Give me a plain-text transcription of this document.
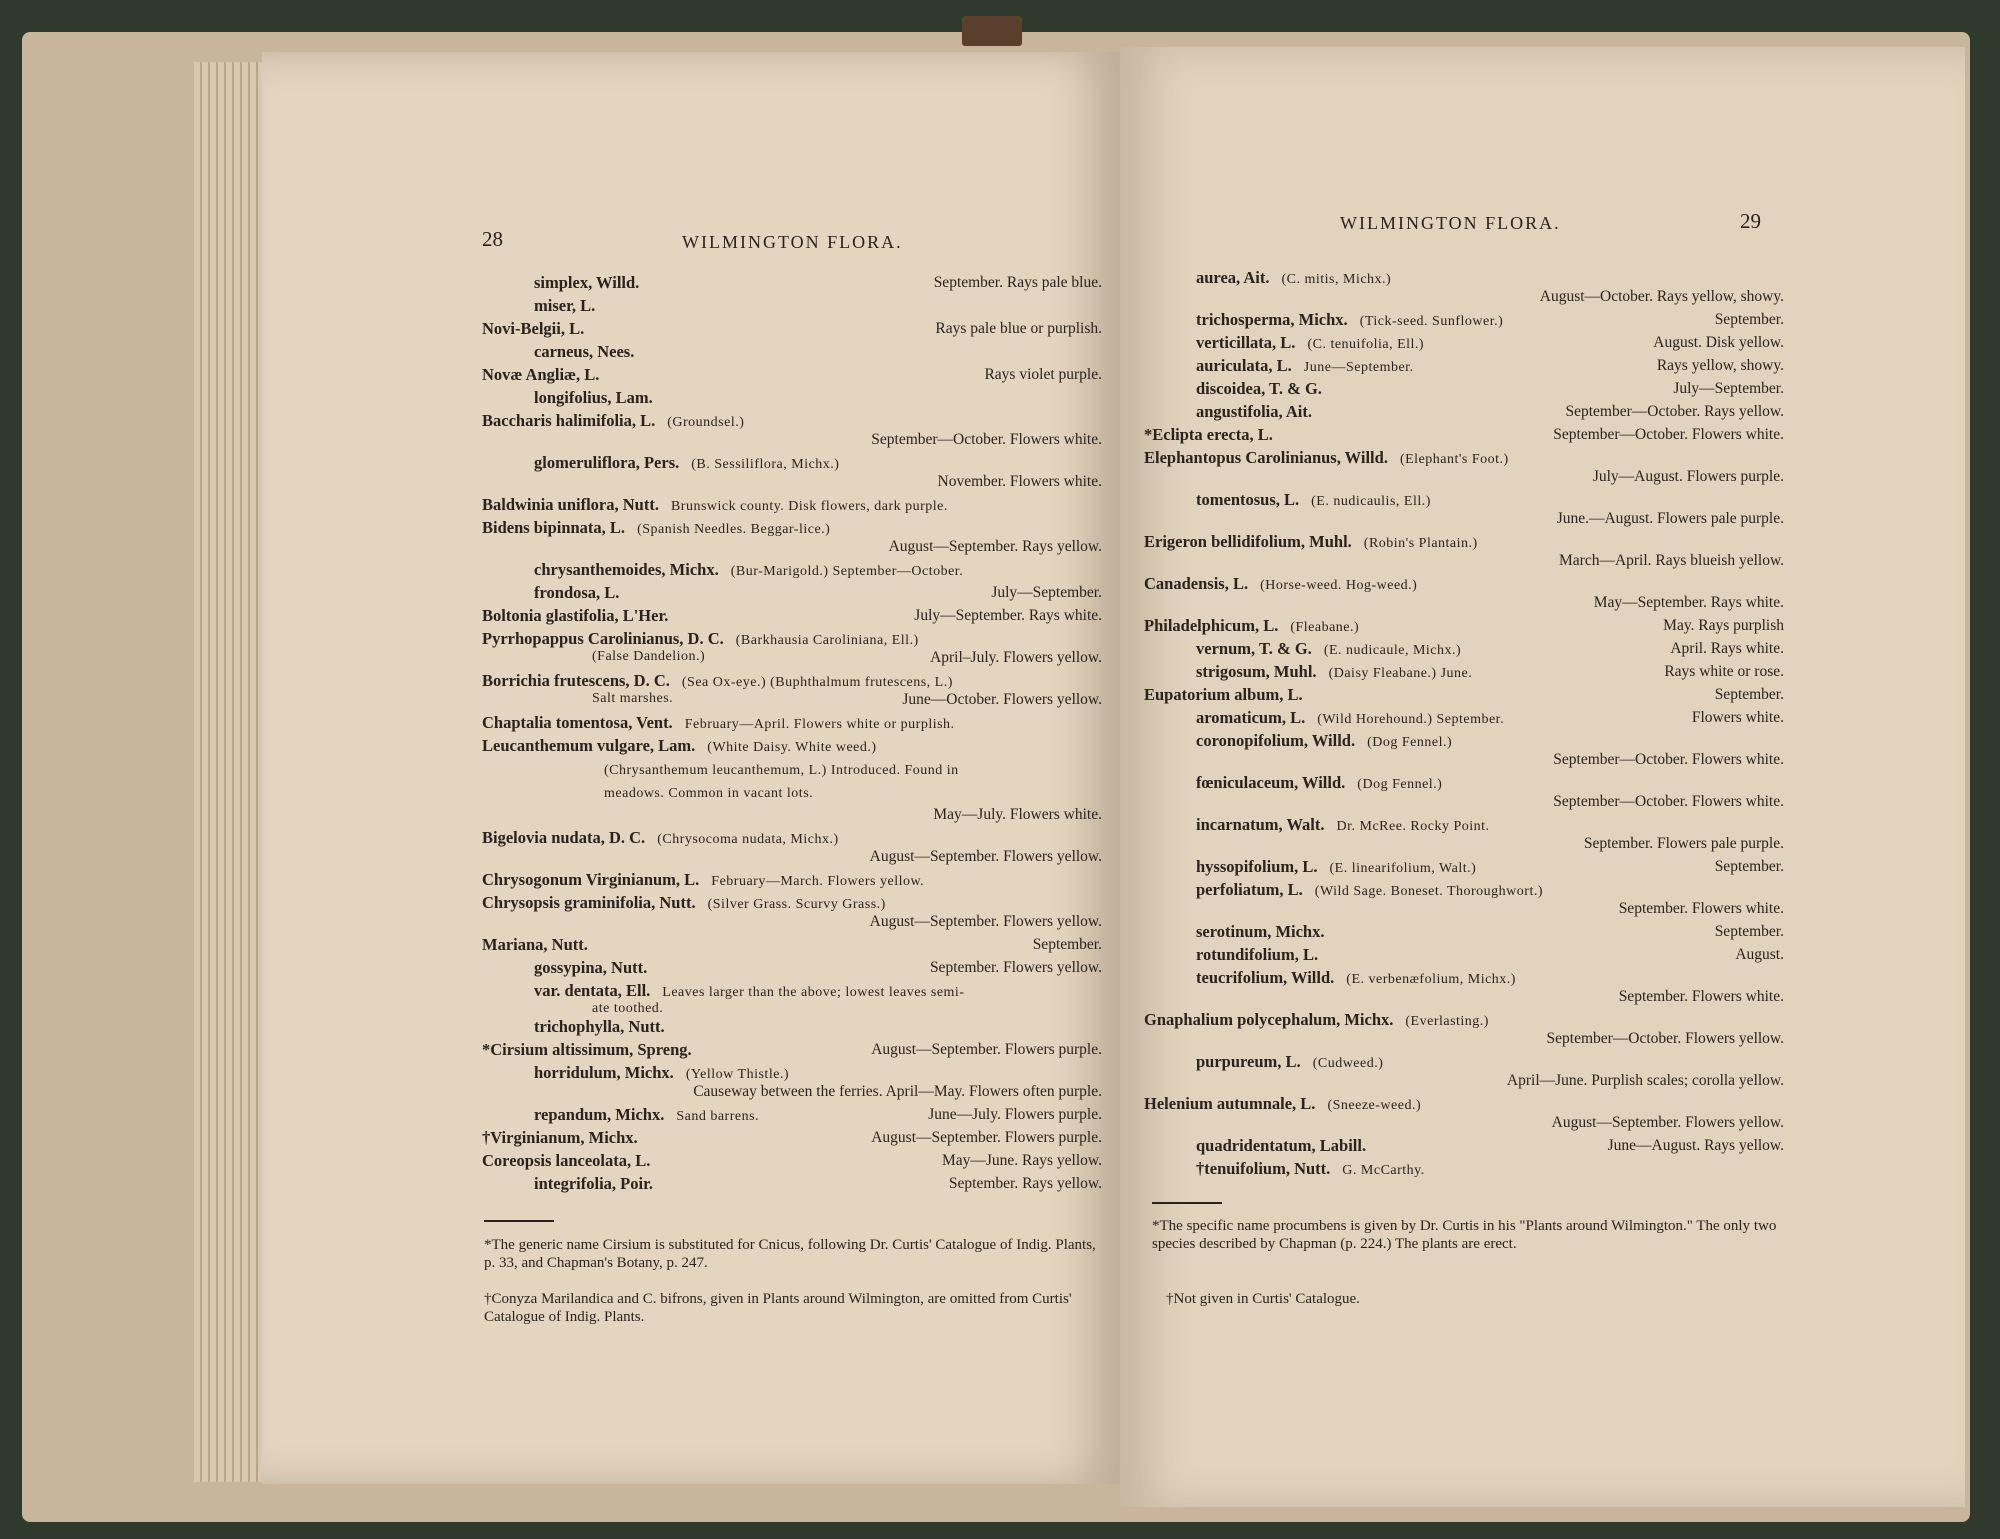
28	WILMINGTON FLORA.
simplex, Willd.	September. Rays pale blue.
miser, L.
Novi-Belgii, L.	Rays pale blue or purplish.
carneus, Nees.
Novæ Angliæ, L.	Rays violet purple.
longifolius, Lam.
Baccharis halimifolia, L. (Groundsel.)
September—October. Flowers white.
glomeruliflora, Pers. (B. Sessiliflora, Michx.)
November. Flowers white.
Baldwinia uniflora, Nutt. Brunswick county. Disk flowers, dark purple.
Bidens bipinnata, L. (Spanish Needles. Beggar-lice.)
August—September. Rays yellow.
chrysanthemoides, Michx. (Bur-Marigold.) September—October.
frondosa, L.	July—September.
Boltonia glastifolia, L'Her.	July—September. Rays white.
Pyrrhopappus Carolinianus, D. C. (Barkhausia Caroliniana, Ell.)
(False Dandelion.)	April–July. Flowers yellow.
Borrichia frutescens, D. C. (Sea Ox-eye.) (Buphthalmum frutescens, L.)
Salt marshes.	June—October. Flowers yellow.
Chaptalia tomentosa, Vent. February—April. Flowers white or purplish.
Leucanthemum vulgare, Lam. (White Daisy. White weed.)
(Chrysanthemum leucanthemum, L.) Introduced. Found in
meadows. Common in vacant lots.
May—July. Flowers white.
Bigelovia nudata, D. C. (Chrysocoma nudata, Michx.)
August—September. Flowers yellow.
Chrysogonum Virginianum, L. February—March. Flowers yellow.
Chrysopsis graminifolia, Nutt. (Silver Grass. Scurvy Grass.)
August—September. Flowers yellow.
Mariana, Nutt.	September.
gossypina, Nutt.	September. Flowers yellow.
var. dentata, Ell. Leaves larger than the above; lowest leaves semi-
ate toothed.
trichophylla, Nutt.
*Cirsium altissimum, Spreng.	August—September. Flowers purple.
horridulum, Michx. (Yellow Thistle.)
Causeway between the ferries. April—May. Flowers often purple.
repandum, Michx. Sand barrens.	June—July. Flowers purple.
†Virginianum, Michx.	August—September. Flowers purple.
Coreopsis lanceolata, L.	May—June. Rays yellow.
integrifolia, Poir.	September. Rays yellow.
*The generic name Cirsium is substituted for Cnicus, following Dr. Curtis' Catalogue of Indig. Plants, p. 33, and Chapman's Botany, p. 247.
†Conyza Marilandica and C. bifrons, given in Plants around Wilmington, are omitted from Curtis' Catalogue of Indig. Plants.
WILMINGTON FLORA.	29
aurea, Ait. (C. mitis, Michx.)
August—October. Rays yellow, showy.
trichosperma, Michx. (Tick-seed. Sunflower.)	September.
verticillata, L. (C. tenuifolia, Ell.)	August. Disk yellow.
auriculata, L. June—September.	Rays yellow, showy.
discoidea, T. & G.	July—September.
angustifolia, Ait.	September—October. Rays yellow.
*Eclipta erecta, L.	September—October. Flowers white.
Elephantopus Carolinianus, Willd. (Elephant's Foot.)
July—August. Flowers purple.
tomentosus, L. (E. nudicaulis, Ell.)
June.—August. Flowers pale purple.
Erigeron bellidifolium, Muhl. (Robin's Plantain.)
March—April. Rays blueish yellow.
Canadensis, L. (Horse-weed. Hog-weed.)
May—September. Rays white.
Philadelphicum, L. (Fleabane.)	May. Rays purplish
vernum, T. & G. (E. nudicaule, Michx.)	April. Rays white.
strigosum, Muhl. (Daisy Fleabane.) June.	Rays white or rose.
Eupatorium album, L.	September.
aromaticum, L. (Wild Horehound.) September.	Flowers white.
coronopifolium, Willd. (Dog Fennel.)
September—October. Flowers white.
fœniculaceum, Willd. (Dog Fennel.)
September—October. Flowers white.
incarnatum, Walt. Dr. McRee. Rocky Point.
September. Flowers pale purple.
hyssopifolium, L. (E. linearifolium, Walt.)	September.
perfoliatum, L. (Wild Sage. Boneset. Thoroughwort.)
September. Flowers white.
serotinum, Michx.	September.
rotundifolium, L.	August.
teucrifolium, Willd. (E. verbenæfolium, Michx.)
September. Flowers white.
Gnaphalium polycephalum, Michx. (Everlasting.)
September—October. Flowers yellow.
purpureum, L. (Cudweed.)
April—June. Purplish scales; corolla yellow.
Helenium autumnale, L. (Sneeze-weed.)
August—September. Flowers yellow.
quadridentatum, Labill.	June—August. Rays yellow.
†tenuifolium, Nutt. G. McCarthy.
*The specific name procumbens is given by Dr. Curtis in his "Plants around Wilmington." The only two species described by Chapman (p. 224.) The plants are erect.
†Not given in Curtis' Catalogue.
